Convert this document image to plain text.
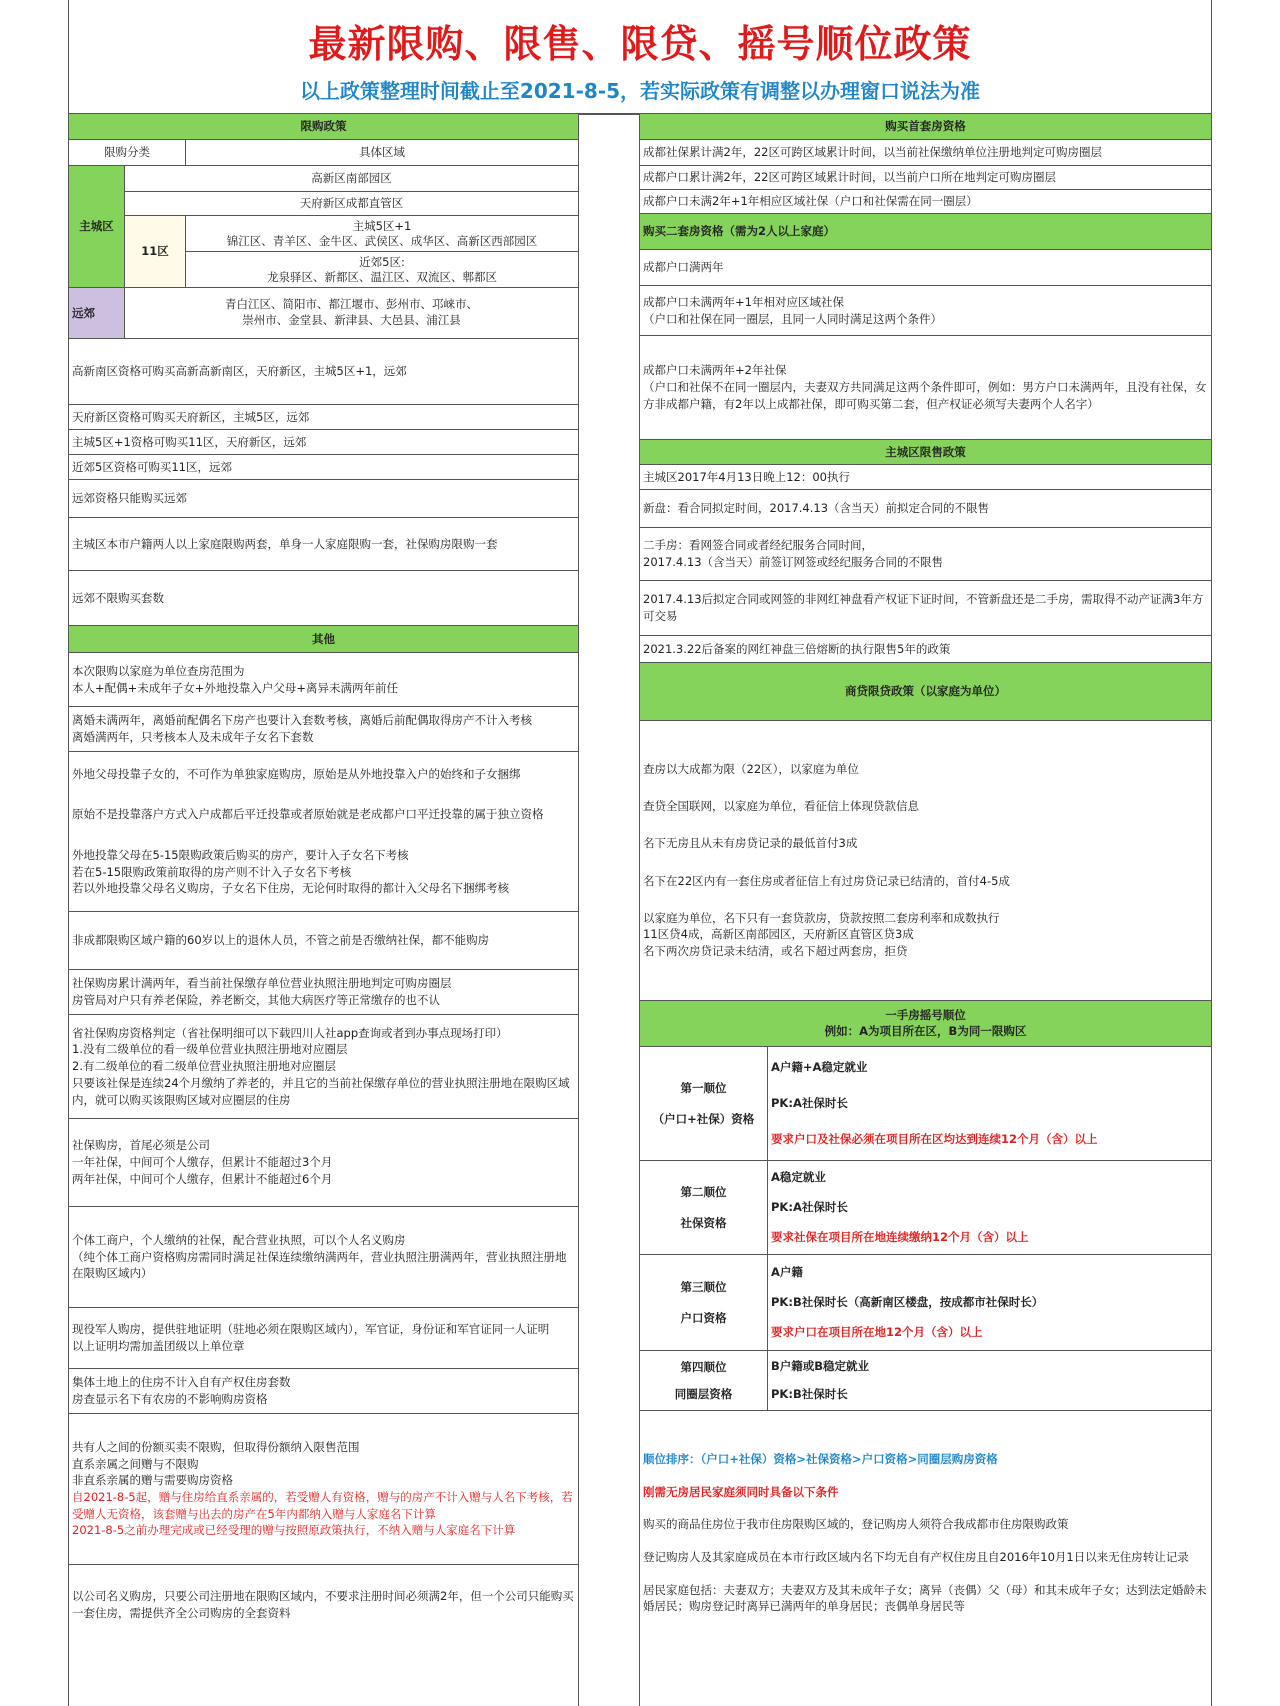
最新限购、限售、限贷、摇号顺位政策
以上政策整理时间截止至2021-8-5，若实际政策有调整以办理窗口说法为准
限购政策
限购分类	具体区域
主城区
高新区南部园区
天府新区成都直管区
11区
主城5区+1
锦江区、青羊区、金牛区、武侯区、成华区、高新区西部园区
近郊5区:
龙泉驿区、新都区、温江区、双流区、郫都区
远郊
青白江区、简阳市、都江堰市、彭州市、邛崃市、
崇州市、金堂县、新津县、大邑县、浦江县
高新南区资格可购买高新高新南区，天府新区，主城5区+1，远郊
天府新区资格可购买天府新区，主城5区，远郊
主城5区+1资格可购买11区，天府新区，远郊
近郊5区资格可购买11区，远郊
远郊资格只能购买远郊
主城区本市户籍两人以上家庭限购两套，单身一人家庭限购一套，社保购房限购一套
远郊不限购买套数
其他
本次限购以家庭为单位查房范围为
本人+配偶+未成年子女+外地投靠入户父母+离异未满两年前任
离婚未满两年，离婚前配偶名下房产也要计入套数考核，离婚后前配偶取得房产不计入考核
离婚满两年，只考核本人及未成年子女名下套数
外地父母投靠子女的，不可作为单独家庭购房，原始是从外地投靠入户的始终和子女捆绑
原始不是投靠落户方式入户成都后平迁投靠或者原始就是老成都户口平迁投靠的属于独立资格
外地投靠父母在5-15限购政策后购买的房产，要计入子女名下考核
若在5-15限购政策前取得的房产则不计入子女名下考核
若以外地投靠父母名义购房，子女名下住房，无论何时取得的都计入父母名下捆绑考核
非成都限购区域户籍的60岁以上的退休人员，不管之前是否缴纳社保，都不能购房
社保购房累计满两年，看当前社保缴存单位营业执照注册地判定可购房圈层
房管局对户只有养老保险，养老断交，其他大病医疗等正常缴存的也不认
省社保购房资格判定（省社保明细可以下载四川人社app查询或者到办事点现场打印）
1.没有二级单位的看一级单位营业执照注册地对应圈层
2.有二级单位的看二级单位营业执照注册地对应圈层
只要该社保是连续24个月缴纳了养老的，并且它的当前社保缴存单位的营业执照注册地在限购区域内，就可以购买该限购区域对应圈层的住房
社保购房，首尾必须是公司
一年社保，中间可个人缴存，但累计不能超过3个月
两年社保，中间可个人缴存，但累计不能超过6个月
个体工商户，个人缴纳的社保，配合营业执照，可以个人名义购房
（纯个体工商户资格购房需同时满足社保连续缴纳满两年，营业执照注册满两年，营业执照注册地在限购区域内）
现役军人购房，提供驻地证明（驻地必须在限购区域内），军官证，身份证和军官证同一人证明
以上证明均需加盖团级以上单位章
集体土地上的住房不计入自有产权住房套数
房查显示名下有农房的不影响购房资格
共有人之间的份额买卖不限购，但取得份额纳入限售范围
直系亲属之间赠与不限购
非直系亲属的赠与需要购房资格
自2021-8-5起，赠与住房给直系亲属的，若受赠人有资格，赠与的房产不计入赠与人名下考核，若受赠人无资格，该套赠与出去的房产在5年内都纳入赠与人家庭名下计算
2021-8-5之前办理完成或已经受理的赠与按照原政策执行，不纳入赠与人家庭名下计算
以公司名义购房，只要公司注册地在限购区域内，不要求注册时间必须满2年，但一个公司只能购买一套住房，需提供齐全公司购房的全套资料
购买首套房资格
成都社保累计满2年，22区可跨区域累计时间，以当前社保缴纳单位注册地判定可购房圈层
成都户口累计满2年，22区可跨区域累计时间，以当前户口所在地判定可购房圈层
成都户口未满2年+1年相应区域社保（户口和社保需在同一圈层）
购买二套房资格（需为2人以上家庭）
成都户口满两年
成都户口未满两年+1年相对应区域社保
（户口和社保在同一圈层，且同一人同时满足这两个条件）
成都户口未满两年+2年社保
（户口和社保不在同一圈层内，夫妻双方共同满足这两个条件即可，例如：男方户口未满两年，且没有社保，女方非成都户籍，有2年以上成都社保，即可购买第二套，但产权证必须写夫妻两个人名字）
主城区限售政策
主城区2017年4月13日晚上12：00执行
新盘：看合同拟定时间，2017.4.13（含当天）前拟定合同的不限售
二手房：看网签合同或者经纪服务合同时间，
2017.4.13（含当天）前签订网签或经纪服务合同的不限售
2017.4.13后拟定合同或网签的非网红神盘看产权证下证时间，不管新盘还是二手房，需取得不动产证满3年方可交易
2021.3.22后备案的网红神盘三倍熔断的执行限售5年的政策
商贷限贷政策（以家庭为单位）
查房以大成都为限（22区），以家庭为单位
查贷全国联网，以家庭为单位，看征信上体现贷款信息
名下无房且从未有房贷记录的最低首付3成
名下在22区内有一套住房或者征信上有过房贷记录已结清的，首付4-5成
以家庭为单位，名下只有一套贷款房，贷款按照二套房利率和成数执行
11区贷4成，高新区南部园区，天府新区直管区贷3成
名下两次房贷记录未结清，或名下超过两套房，拒贷
一手房摇号顺位
例如：A为项目所在区，B为同一限购区
第一顺位
（户口+社保）资格
A户籍+A稳定就业
PK:A社保时长
要求户口及社保必须在项目所在区均达到连续12个月（含）以上
第二顺位
社保资格
A稳定就业
PK:A社保时长
要求社保在项目所在地连续缴纳12个月（含）以上
第三顺位
户口资格
A户籍
PK:B社保时长（高新南区楼盘，按成都市社保时长）
要求户口在项目所在地12个月（含）以上
第四顺位
同圈层资格
B户籍或B稳定就业
PK:B社保时长
顺位排序：（户口+社保）资格>社保资格>户口资格>同圈层购房资格
刚需无房居民家庭须同时具备以下条件
购买的商品住房位于我市住房限购区域的，登记购房人须符合我成都市住房限购政策
登记购房人及其家庭成员在本市行政区域内名下均无自有产权住房且自2016年10月1日以来无住房转让记录
居民家庭包括：夫妻双方；夫妻双方及其未成年子女；离异（丧偶）父（母）和其未成年子女；达到法定婚龄未婚居民；购房登记时离异已满两年的单身居民；丧偶单身居民等
